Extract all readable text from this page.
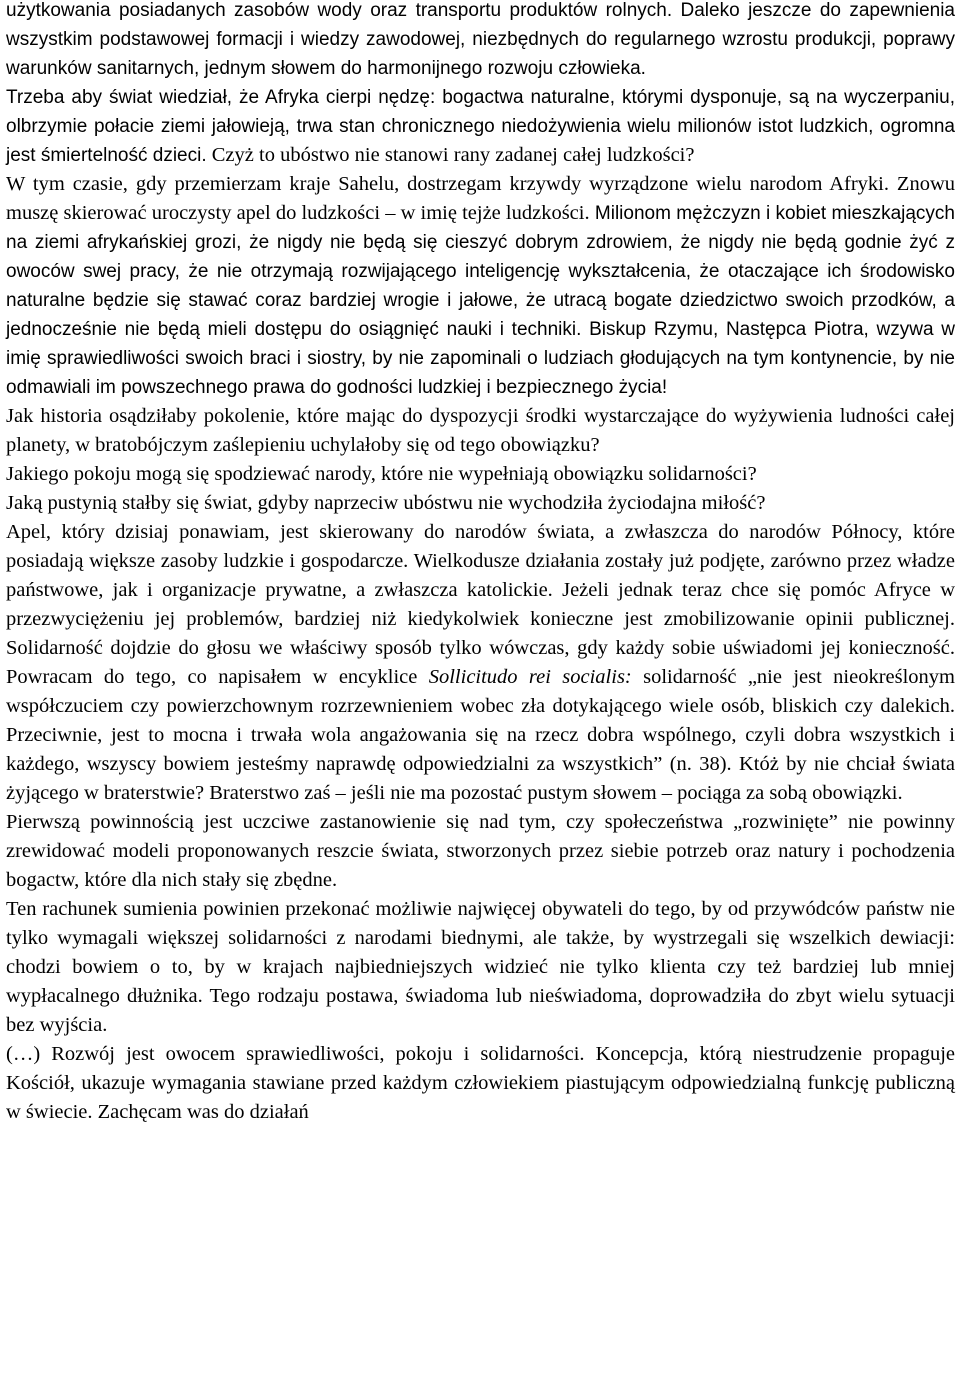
użytkowania posiadanych zasobów wody oraz transportu produktów rolnych. Daleko jeszcze do zapewnienia wszystkim podstawowej formacji i wiedzy zawodowej, niezbędnych do regularnego wzrostu produkcji, poprawy warunków sanitarnych, jednym słowem do harmonijnego rozwoju człowieka.

Trzeba aby świat wiedział, że Afryka cierpi nędzę: bogactwa naturalne, którymi dysponuje, są na wyczerpaniu, olbrzymie połacie ziemi jałowieją, trwa stan chronicznego niedożywienia wielu milionów istot ludzkich, ogromna jest śmiertelność dzieci. Czyż to ubóstwo nie stanowi rany zadanej całej ludzkości?

W tym czasie, gdy przemierzam kraje Sahelu, dostrzegam krzywdy wyrządzone wielu narodom Afryki. Znowu muszę skierować uroczysty apel do ludzkości – w imię tejże ludzkości. Milionom mężczyzn i kobiet mieszkających na ziemi afrykańskiej grozi, że nigdy nie będą się cieszyć dobrym zdrowiem, że nigdy nie będą godnie żyć z owoców swej pracy, że nie otrzymają rozwijającego inteligencję wykształcenia, że otaczające ich środowisko naturalne będzie się stawać coraz bardziej wrogie i jałowe, że utracą bogate dziedzictwo swoich przodków, a jednocześnie nie będą mieli dostępu do osiągnięć nauki i techniki. Biskup Rzymu, Następca Piotra, wzywa w imię sprawiedliwości swoich braci i siostry, by nie zapominali o ludziach głodujących na tym kontynencie, by nie odmawiali im powszechnego prawa do godności ludzkiej i bezpiecznego życia!

Jak historia osądziłaby pokolenie, które mając do dyspozycji środki wystarczające do wyżywienia ludności całej planety, w bratobójczym zaślepieniu uchylałoby się od tego obowiązku?

Jakiego pokoju mogą się spodziewać narody, które nie wypełniają obowiązku solidarności?

Jaką pustynią stałby się świat, gdyby naprzeciw ubóstwu nie wychodziła życiodajna miłość?

Apel, który dzisiaj ponawiam, jest skierowany do narodów świata, a zwłaszcza do narodów Północy, które posiadają większe zasoby ludzkie i gospodarcze. Wielkodusze działania zostały już podjęte, zarówno przez władze państwowe, jak i organizacje prywatne, a zwłaszcza katolickie. Jeżeli jednak teraz chce się pomóc Afryce w przezwyciężeniu jej problemów, bardziej niż kiedykolwiek konieczne jest zmobilizowanie opinii publicznej. Solidarność dojdzie do głosu we właściwy sposób tylko wówczas, gdy każdy sobie uświadomi jej konieczność. Powracam do tego, co napisałem w encyklice Sollicitudo rei socialis: solidarność „nie jest nieokreślonym współczuciem czy powierzchownym rozrzewnieniem wobec zła dotykającego wiele osób, bliskich czy dalekich. Przeciwnie, jest to mocna i trwała wola angażowania się na rzecz dobra wspólnego, czyli dobra wszystkich i każdego, wszyscy bowiem jesteśmy naprawdę odpowiedzialni za wszystkich” (n. 38). Któż by nie chciał świata żyjącego w braterstwie? Braterstwo zaś – jeśli nie ma pozostać pustym słowem – pociąga za sobą obowiązki.

Pierwszą powinnością jest uczciwe zastanowienie się nad tym, czy społeczeństwa „rozwinięte” nie powinny zrewidować modeli proponowanych reszcie świata, stworzonych przez siebie potrzeb oraz natury i pochodzenia bogactw, które dla nich stały się zbędne.

Ten rachunek sumienia powinien przekonać możliwie najwięcej obywateli do tego, by od przywódców państw nie tylko wymagali większej solidarności z narodami biednymi, ale także, by wystrzegali się wszelkich dewiacji: chodzi bowiem o to, by w krajach najbiedniejszych widzieć nie tylko klienta czy też bardziej lub mniej wypłacalnego dłużnika. Tego rodzaju postawa, świadoma lub nieświadoma, doprowadziła do zbyt wielu sytuacji bez wyjścia.

(…) Rozwój jest owocem sprawiedliwości, pokoju i solidarności. Koncepcja, którą niestrudzenie propaguje Kościół, ukazuje wymagania stawiane przed każdym człowiekiem piastującym odpowiedzialną funkcję publiczną w świecie. Zachęcam was do działań
